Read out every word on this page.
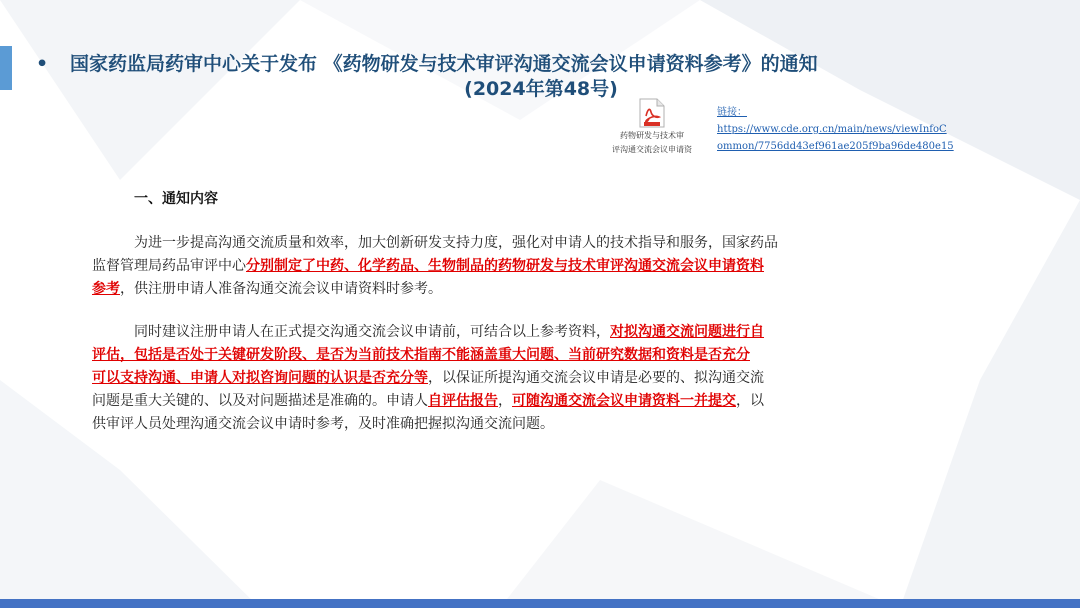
• 国家药监局药审中心关于发布 《药物研发与技术审评沟通交流会议申请资料参考》的通知
(2024年第48号)
药物研发与技术审
评沟通交流会议申请资
链接：
https://www.cde.org.cn/main/news/viewInfoC
ommon/7756dd43ef961ae205f9ba96de480e15
一、通知内容
为进一步提高沟通交流质量和效率，加大创新研发支持力度，强化对申请人的技术指导和服务，国家药品
监督管理局药品审评中心分别制定了中药、化学药品、生物制品的药物研发与技术审评沟通交流会议申请资料
参考，供注册申请人准备沟通交流会议申请资料时参考。
同时建议注册申请人在正式提交沟通交流会议申请前，可结合以上参考资料，对拟沟通交流问题进行自
评估，包括是否处于关键研发阶段、是否为当前技术指南不能涵盖重大问题、当前研究数据和资料是否充分
可以支持沟通、申请人对拟咨询问题的认识是否充分等，以保证所提沟通交流会议申请是必要的、拟沟通交流
问题是重大关键的、以及对问题描述是准确的。申请人自评估报告，可随沟通交流会议申请资料一并提交，以
供审评人员处理沟通交流会议申请时参考，及时准确把握拟沟通交流问题。
